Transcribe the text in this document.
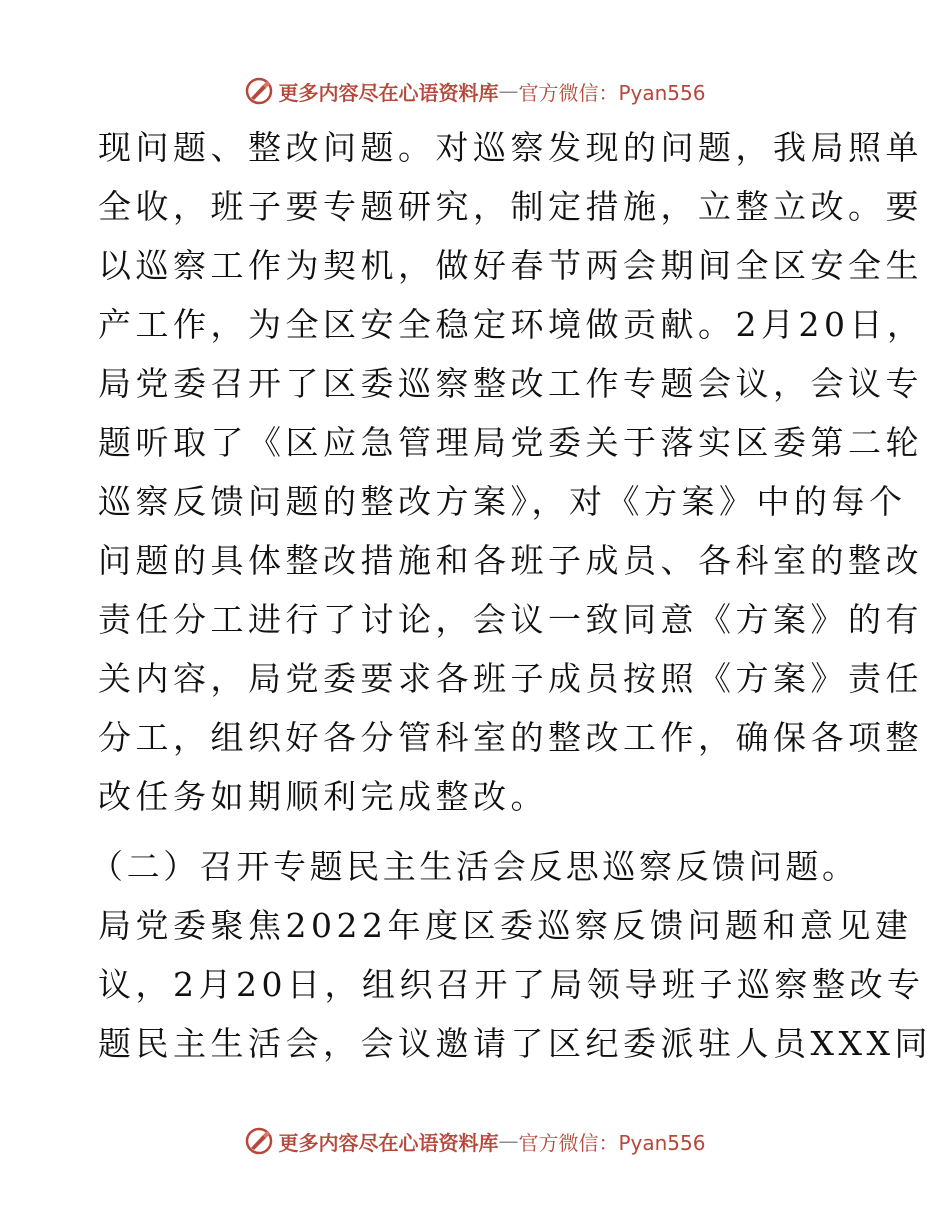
更多内容尽在心语资料库 — 官方微信：Pyan556
现问题、整改问题。对巡察发现的问题，我局照单
全收，班子要专题研究，制定措施，立整立改。要
以巡察工作为契机，做好春节两会期间全区安全生
产工作，为全区安全稳定环境做贡献。2月20日，
局党委召开了区委巡察整改工作专题会议，会议专
题听取了《区应急管理局党委关于落实区委第二轮
巡察反馈问题的整改方案》，对《方案》中的每个
问题的具体整改措施和各班子成员、各科室的整改
责任分工进行了讨论，会议一致同意《方案》的有
关内容，局党委要求各班子成员按照《方案》责任
分工，组织好各分管科室的整改工作，确保各项整
改任务如期顺利完成整改。
（二）召开专题民主生活会反思巡察反馈问题。
局党委聚焦2022年度区委巡察反馈问题和意见建
议，2月20日，组织召开了局领导班子巡察整改专
题民主生活会，会议邀请了区纪委派驻人员XXX同
更多内容尽在心语资料库 — 官方微信：Pyan556
